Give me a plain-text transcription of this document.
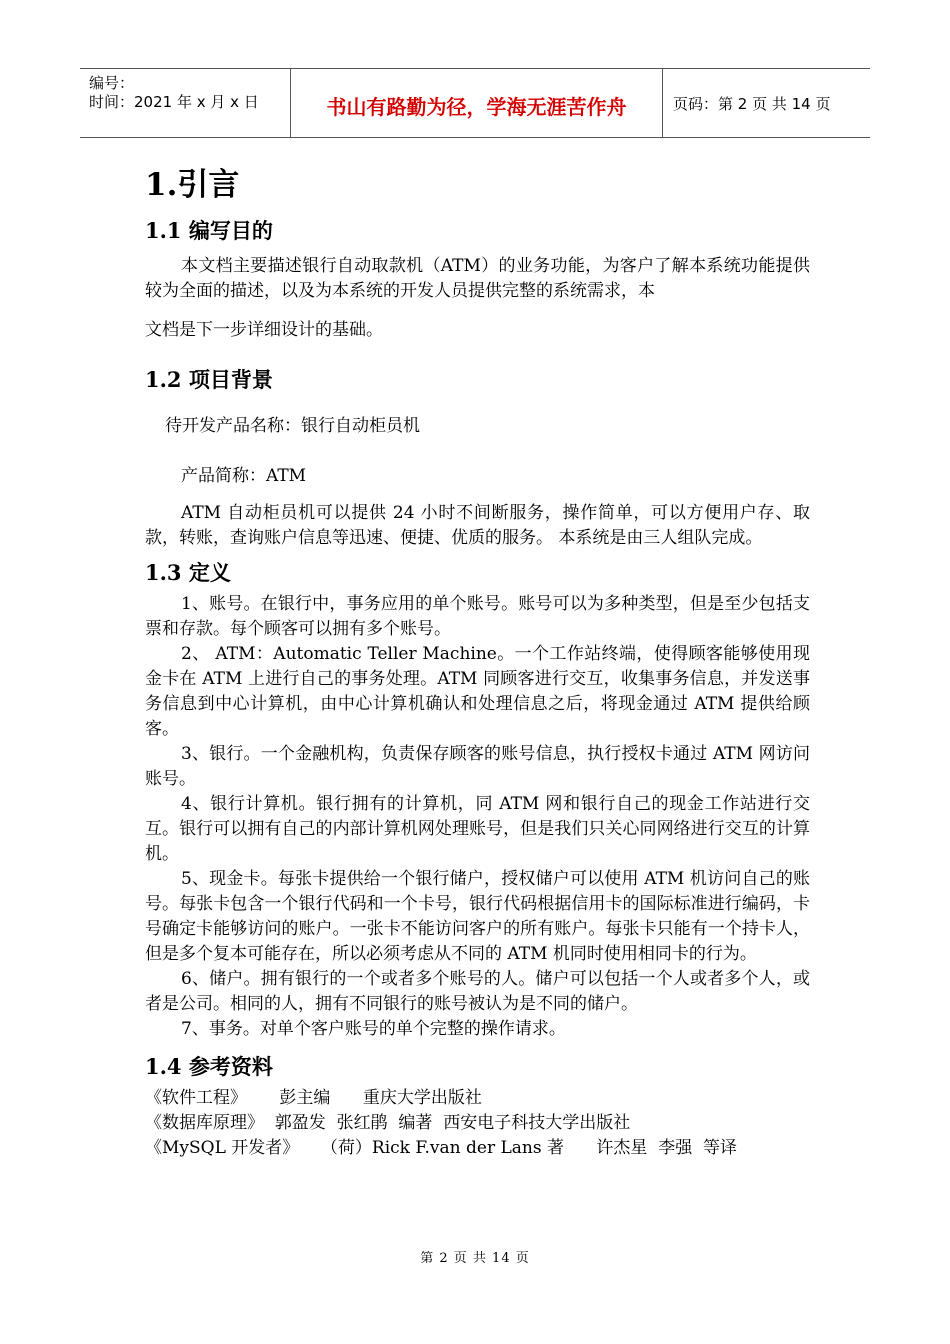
编号：
时间：2021 年 x 月 x 日	书山有路勤为径，学海无涯苦作舟	页码：第 2 页 共 14 页
1.引言
1.1 编写目的

本文档主要描述银行自动取款机（ATM）的业务功能，为客户了解本系统功能提供较为全面的描述，以及为本系统的开发人员提供完整的系统需求，本

文档是下一步详细设计的基础。

1.2 项目背景

待开发产品名称：银行自动柜员机

产品简称：ATM

ATM 自动柜员机可以提供 24 小时不间断服务，操作简单，可以方便用户存、取款，转账，查询账户信息等迅速、便捷、优质的服务。 本系统是由三人组队完成。

1.3 定义

1、账号。在银行中，事务应用的单个账号。账号可以为多种类型，但是至少包括支票和存款。每个顾客可以拥有多个账号。

2、 ATM：Automatic Teller Machine。一个工作站终端，使得顾客能够使用现金卡在 ATM 上进行自己的事务处理。ATM 同顾客进行交互，收集事务信息，并发送事务信息到中心计算机，由中心计算机确认和处理信息之后，将现金通过 ATM 提供给顾客。

3、银行。一个金融机构，负责保存顾客的账号信息，执行授权卡通过 ATM 网访问账号。

4、银行计算机。银行拥有的计算机，同 ATM 网和银行自己的现金工作站进行交互。银行可以拥有自己的内部计算机网处理账号，但是我们只关心同网络进行交互的计算机。

5、现金卡。每张卡提供给一个银行储户，授权储户可以使用 ATM 机访问自己的账号。每张卡包含一个银行代码和一个卡号，银行代码根据信用卡的国际标准进行编码，卡号确定卡能够访问的账户。一张卡不能访问客户的所有账户。每张卡只能有一个持卡人，但是多个复本可能存在，所以必须考虑从不同的 ATM 机同时使用相同卡的行为。

6、储户。拥有银行的一个或者多个账号的人。储户可以包括一个人或者多个人，或者是公司。相同的人，拥有不同银行的账号被认为是不同的储户。

7、事务。对单个客户账号的单个完整的操作请求。

1.4 参考资料

《软件工程》      彭主编      重庆大学出版社

《数据库原理》  郭盈发  张红鹃  编著  西安电子科技大学出版社

《MySQL 开发者》    （荷）Rick F.van der Lans 著      许杰星  李强  等译

第 2 页 共 14 页
